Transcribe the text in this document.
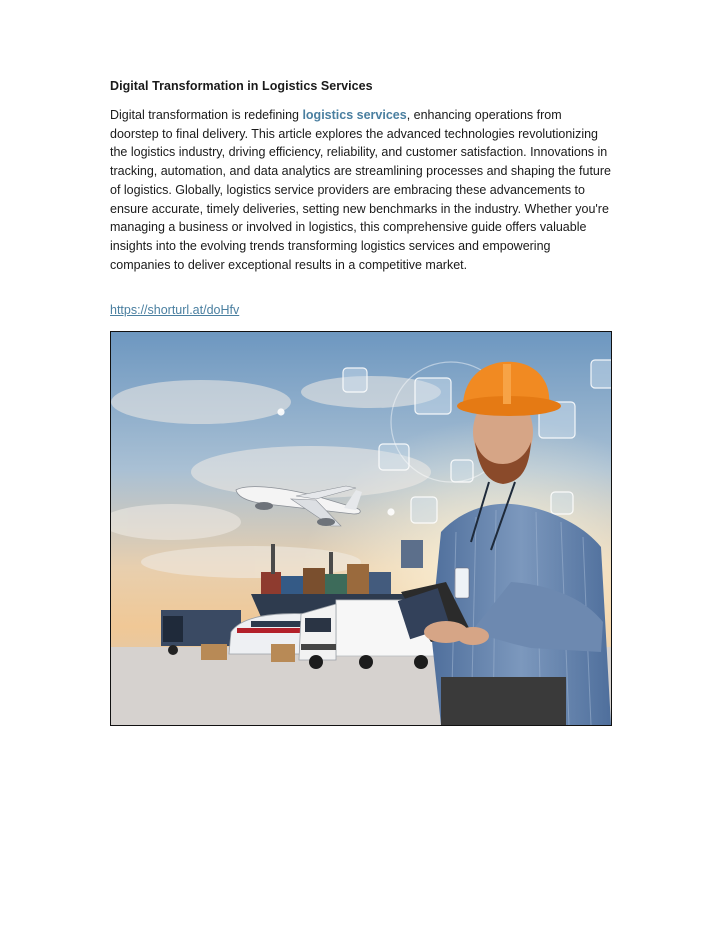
Digital Transformation in Logistics Services
Digital transformation is redefining logistics services, enhancing operations from doorstep to final delivery. This article explores the advanced technologies revolutionizing the logistics industry, driving efficiency, reliability, and customer satisfaction. Innovations in tracking, automation, and data analytics are streamlining processes and shaping the future of logistics. Globally, logistics service providers are embracing these advancements to ensure accurate, timely deliveries, setting new benchmarks in the industry. Whether you're managing a business or involved in logistics, this comprehensive guide offers valuable insights into the evolving trends transforming logistics services and empowering companies to deliver exceptional results in a competitive market.
https://shorturl.at/doHfv
